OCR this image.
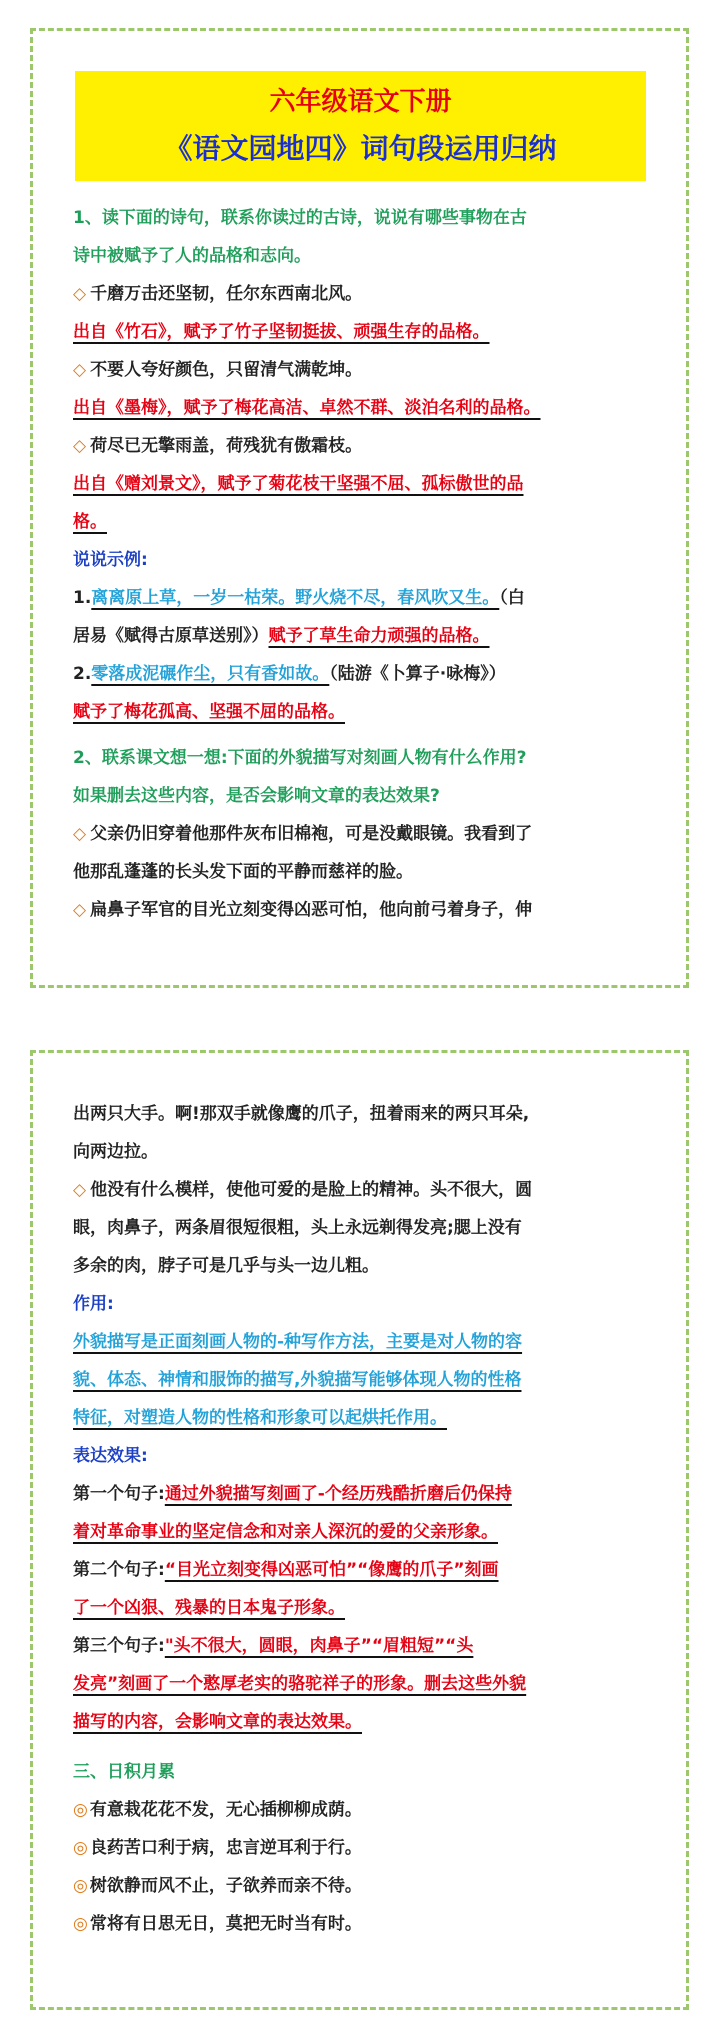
六年级语文下册
《语文园地四》词句段运用归纳
1、读下面的诗句，联系你读过的古诗，说说有哪些事物在古
诗中被赋予了人的品格和志向。
◇ 千磨万击还坚韧，任尔东西南北风。
出自《竹石》，赋予了竹子坚韧挺拔、顽强生存的品格。
◇ 不要人夸好颜色，只留清气满乾坤。
出自《墨梅》，赋予了梅花高洁、卓然不群、淡泊名利的品格。
◇ 荷尽已无擎雨盖，荷残犹有傲霜枝。
出自《赠刘景文》，赋予了菊花枝干坚强不屈、孤标傲世的品
格。
说说示例:
1.离离原上草，一岁一枯荣。野火烧不尽，春风吹又生。（白
居易《赋得古原草送别》）赋予了草生命力顽强的品格。
2.零落成泥碾作尘，只有香如故。（陆游《卜算子·咏梅》）
赋予了梅花孤高、坚强不屈的品格。
2、联系课文想一想:下面的外貌描写对刻画人物有什么作用?
如果删去这些内容，是否会影响文章的表达效果?
◇ 父亲仍旧穿着他那件灰布旧棉袍，可是没戴眼镜。我看到了
他那乱蓬蓬的长头发下面的平静而慈祥的脸。
◇ 扁鼻子军官的目光立刻变得凶恶可怕，他向前弓着身子，伸
出两只大手。啊!那双手就像鹰的爪子，扭着雨来的两只耳朵,
向两边拉。
◇ 他没有什么模样，使他可爱的是脸上的精神。头不很大，圆
眼，肉鼻子，两条眉很短很粗，头上永远剃得发亮;腮上没有
多余的肉，脖子可是几乎与头一边儿粗。
作用:
外貌描写是正面刻画人物的-种写作方法，主要是对人物的容
貌、体态、神情和服饰的描写,外貌描写能够体现人物的性格
特征，对塑造人物的性格和形象可以起烘托作用。
表达效果:
第一个句子:通过外貌描写刻画了-个经历残酷折磨后仍保持
着对革命事业的坚定信念和对亲人深沉的爱的父亲形象。
第二个句子:“目光立刻变得凶恶可怕”“像鹰的爪子”刻画
了一个凶狠、残暴的日本鬼子形象。
第三个句子:"头不很大，圆眼，肉鼻子”“眉粗短”“头
发亮”刻画了一个憨厚老实的骆驼祥子的形象。删去这些外貌
描写的内容，会影响文章的表达效果。
三、日积月累
◎ 有意栽花花不发，无心插柳柳成荫。
◎ 良药苦口利于病，忠言逆耳利于行。
◎ 树欲静而风不止，子欲养而亲不待。
◎ 常将有日思无日，莫把无时当有时。
